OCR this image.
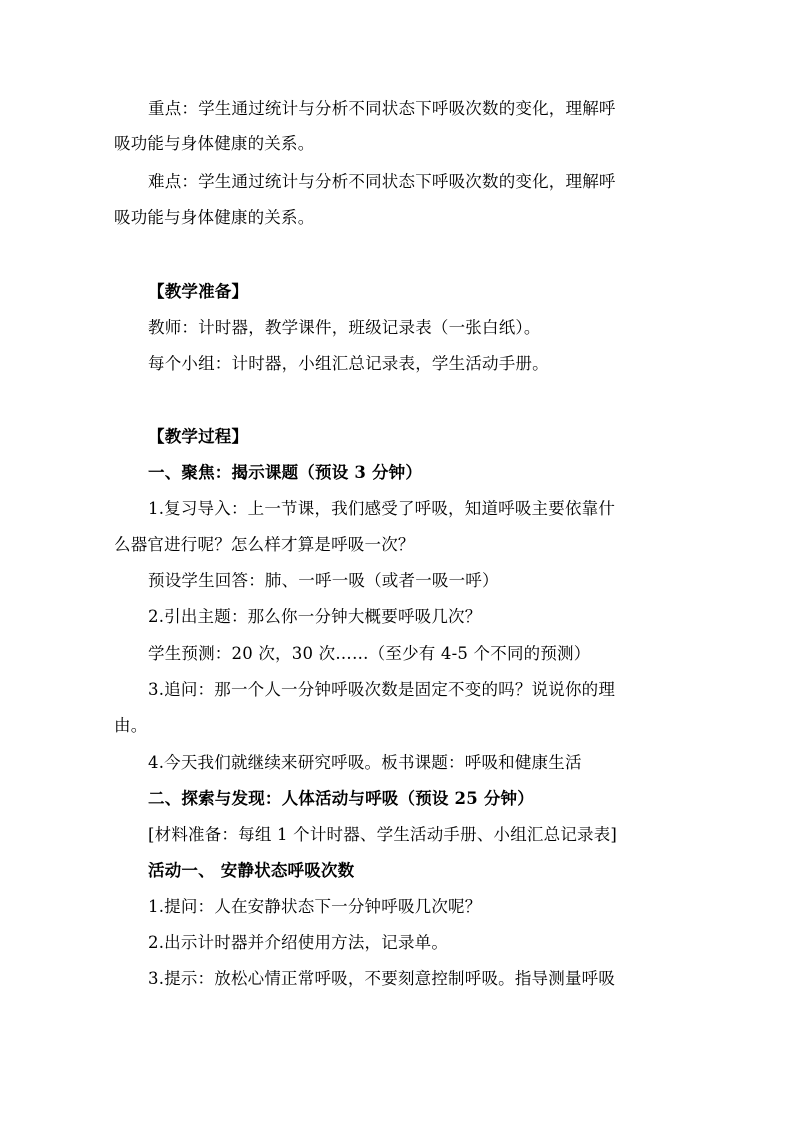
重点：学生通过统计与分析不同状态下呼吸次数的变化，理解呼
吸功能与身体健康的关系。
难点：学生通过统计与分析不同状态下呼吸次数的变化，理解呼
吸功能与身体健康的关系。
【教学准备】
教师：计时器，教学课件，班级记录表（一张白纸）。
每个小组：计时器，小组汇总记录表，学生活动手册。
【教学过程】
一、聚焦：揭示课题（预设 3 分钟）
1.复习导入：上一节课，我们感受了呼吸，知道呼吸主要依靠什
么器官进行呢？怎么样才算是呼吸一次？
预设学生回答：肺、一呼一吸（或者一吸一呼）
2.引出主题：那么你一分钟大概要呼吸几次？
学生预测：20 次，30 次……（至少有 4-5 个不同的预测）
3.追问：那一个人一分钟呼吸次数是固定不变的吗？说说你的理
由。
4.今天我们就继续来研究呼吸。板书课题：呼吸和健康生活
二、探索与发现：人体活动与呼吸（预设 25 分钟）
[材料准备：每组 1 个计时器、学生活动手册、小组汇总记录表]
活动一、 安静状态呼吸次数
1.提问：人在安静状态下一分钟呼吸几次呢？
2.出示计时器并介绍使用方法，记录单。
3.提示：放松心情正常呼吸，不要刻意控制呼吸。指导测量呼吸
